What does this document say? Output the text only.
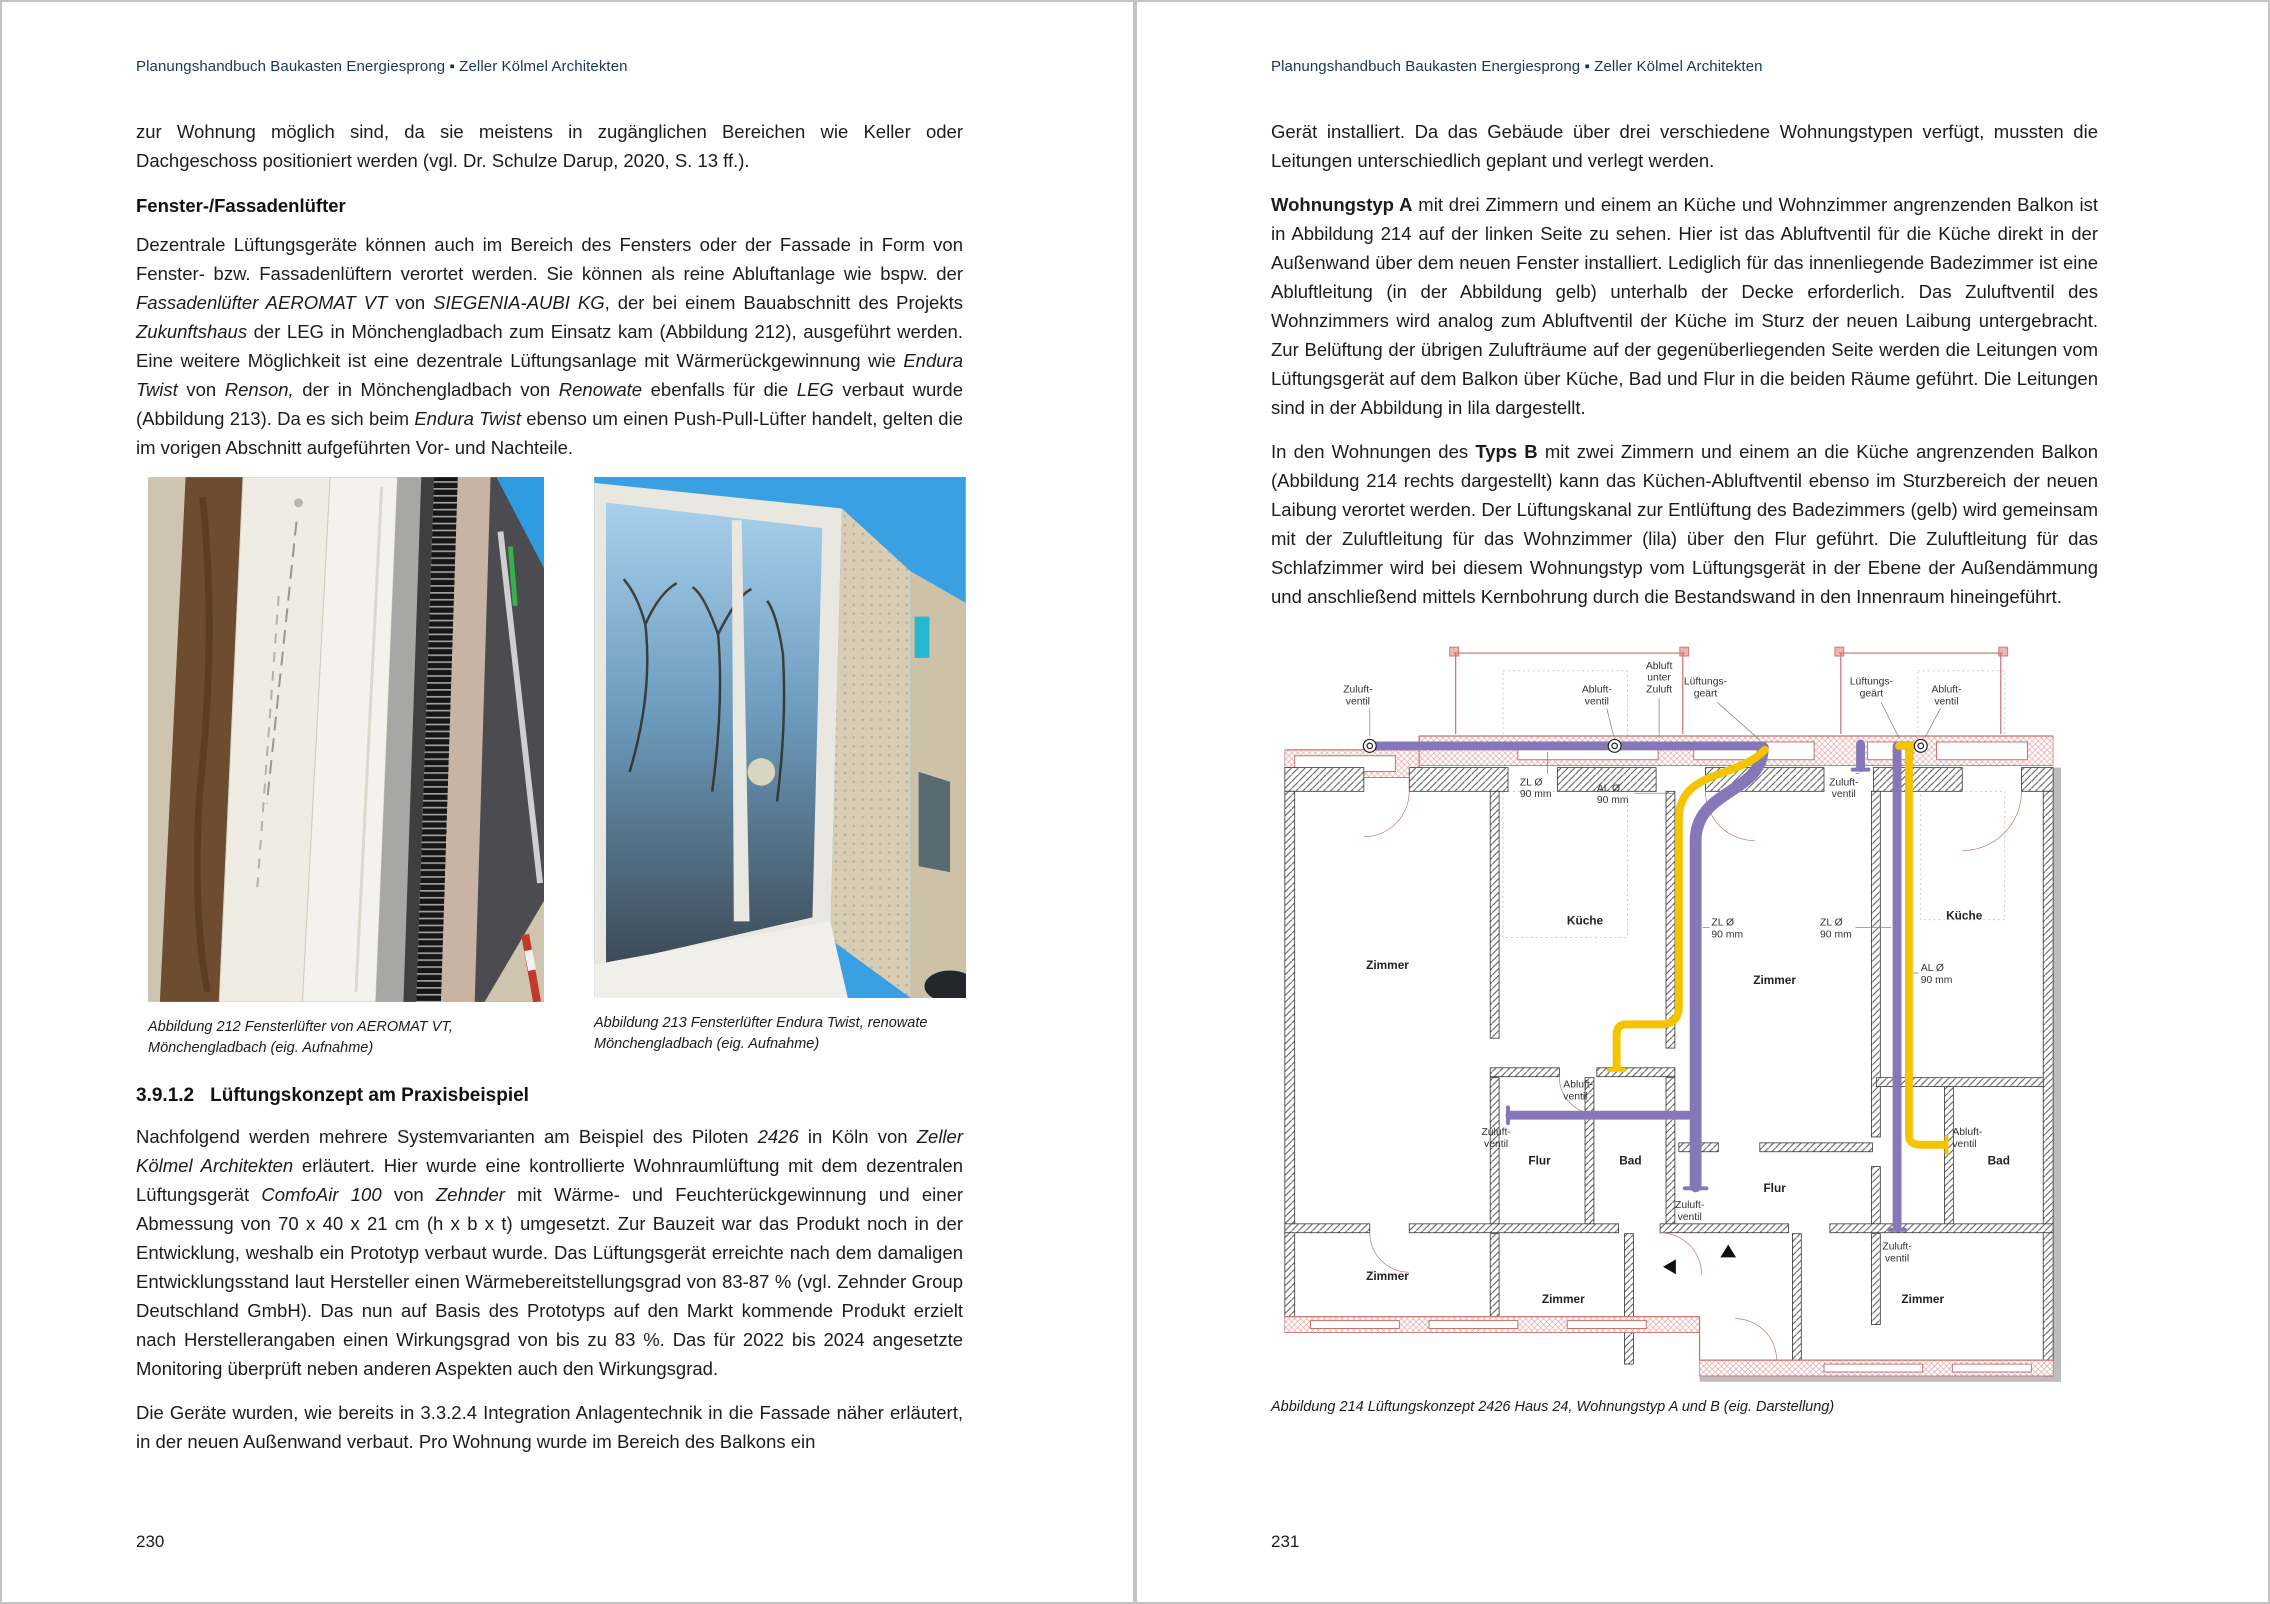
Planungshandbuch Baukasten Energiesprong ▪ Zeller Kölmel Architekten

zur Wohnung möglich sind, da sie meistens in zugänglichen Bereichen wie Keller oder Dachgeschoss positioniert werden (vgl. Dr. Schulze Darup, 2020, S. 13 ff.).

Fenster-/Fassadenlüfter

Dezentrale Lüftungsgeräte können auch im Bereich des Fensters oder der Fassade in Form von Fenster- bzw. Fassadenlüftern verortet werden. Sie können als reine Abluftanlage wie bspw. der Fassadenlüfter AEROMAT VT von SIEGENIA-AUBI KG, der bei einem Bauabschnitt des Projekts Zukunftshaus der LEG in Mönchengladbach zum Einsatz kam (Abbildung 212), ausgeführt werden. Eine weitere Möglichkeit ist eine dezentrale Lüftungsanlage mit Wärmerückgewinnung wie Endura Twist von Renson, der in Mönchengladbach von Renowate ebenfalls für die LEG verbaut wurde (Abbildung 213). Da es sich beim Endura Twist ebenso um einen Push-Pull-Lüfter handelt, gelten die im vorigen Abschnitt aufgeführten Vor- und Nachteile.

Abbildung 212 Fensterlüfter von AEROMAT VT, Mönchengladbach (eig. Aufnahme)
Abbildung 213 Fensterlüfter Endura Twist, renowate Mönchengladbach (eig. Aufnahme)
3.9.1.2 Lüftungskonzept am Praxisbeispiel

Nachfolgend werden mehrere Systemvarianten am Beispiel des Piloten 2426 in Köln von Zeller Kölmel Architekten erläutert. Hier wurde eine kontrollierte Wohnraumlüftung mit dem dezentralen Lüftungsgerät ComfoAir 100 von Zehnder mit Wärme- und Feuchterückgewinnung und einer Abmessung von 70 x 40 x 21 cm (h x b x t) umgesetzt. Zur Bauzeit war das Produkt noch in der Entwicklung, weshalb ein Prototyp verbaut wurde. Das Lüftungsgerät erreichte nach dem damaligen Entwicklungsstand laut Hersteller einen Wärmebereitstellungsgrad von 83-87 % (vgl. Zehnder Group Deutschland GmbH). Das nun auf Basis des Prototyps auf den Markt kommende Produkt erzielt nach Herstellerangaben einen Wirkungsgrad von bis zu 83 %. Das für 2022 bis 2024 angesetzte Monitoring überprüft neben anderen Aspekten auch den Wirkungsgrad.

Die Geräte wurden, wie bereits in 3.3.2.4 Integration Anlagentechnik in die Fassade näher erläutert, in der neuen Außenwand verbaut. Pro Wohnung wurde im Bereich des Balkons ein

230
Planungshandbuch Baukasten Energiesprong ▪ Zeller Kölmel Architekten

Gerät installiert. Da das Gebäude über drei verschiedene Wohnungstypen verfügt, mussten die Leitungen unterschiedlich geplant und verlegt werden.

Wohnungstyp A mit drei Zimmern und einem an Küche und Wohnzimmer angrenzenden Balkon ist in Abbildung 214 auf der linken Seite zu sehen. Hier ist das Abluftventil für die Küche direkt in der Außenwand über dem neuen Fenster installiert. Lediglich für das innenliegende Badezimmer ist eine Abluftleitung (in der Abbildung gelb) unterhalb der Decke erforderlich. Das Zuluftventil des Wohnzimmers wird analog zum Abluftventil der Küche im Sturz der neuen Laibung untergebracht. Zur Belüftung der übrigen Zulufträume auf der gegenüberliegenden Seite werden die Leitungen vom Lüftungsgerät auf dem Balkon über Küche, Bad und Flur in die beiden Räume geführt. Die Leitungen sind in der Abbildung in lila dargestellt.

In den Wohnungen des Typs B mit zwei Zimmern und einem an die Küche angrenzenden Balkon (Abbildung 214 rechts dargestellt) kann das Küchen-Abluftventil ebenso im Sturzbereich der neuen Laibung verortet werden. Der Lüftungskanal zur Entlüftung des Badezimmers (gelb) wird gemeinsam mit der Zuluftleitung für das Wohnzimmer (lila) über den Flur geführt. Die Zuluftleitung für das Schlafzimmer wird bei diesem Wohnungstyp vom Lüftungsgerät in der Ebene der Außendämmung und anschließend mittels Kernbohrung durch die Bestandswand in den Innenraum hineingeführt.

Zuluft-ventil
Abluft-ventil
Abluft unter Zuluft
Lüftungs-geärt
Lüftungs-geärt	Abluft-ventil
ZL Ø 90 mm
AL Ø 90 mm
ZL Ø 90 mm
Zuluft-ventil
ZL Ø 90 mm
AL Ø 90 mm
Abluft-ventil
Zuluft-ventil
Zuluft-ventil
Abluft-ventil
Zuluft-ventil
Zimmer
Küche
Zimmer
Küche
Flur	Bad
Flur
Bad
Zimmer
Zimmer	Zimmer
Abbildung 214 Lüftungskonzept 2426 Haus 24, Wohnungstyp A und B (eig. Darstellung)
231
